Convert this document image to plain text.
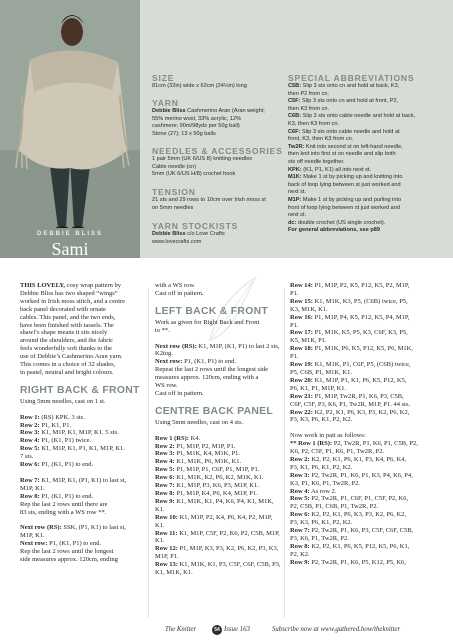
DEBBIE BLISS
Sami
SIZE
81cm (32in) wide x 62cm (24½in) long
YARN
Debbie Bliss Cashmerino Aran (Aran weight;
55% merino wool, 33% acrylic, 12%
cashmere; 90m/98yds per 50g ball)
Stone (27); 13 x 50g balls
NEEDLES & ACCESSORIES
1 pair 5mm (UK 6/US 8) knitting needles
Cable needle (cn)
5mm (UK 6/US H/8) crochet hook
TENSION
21 sts and 29 rows to 10cm over Irish moss st
on 5mm needles
YARN STOCKISTS
Debbie Bliss c/o Love Crafts
www.lovecrafts.com
SPECIAL ABBREVIATIONS
C5B: Slip 3 sts onto cn and hold at back, K3,
then P2 from cn.
C5F: Slip 3 sts onto cn and hold at front, P2,
then K3 from cn.
C6B: Slip 3 sts onto cable needle and hold at back,
K3, then K3 from cn.
C6F: Slip 3 sts onto cable needle and hold at
front, K3, then K3 from cn.
Tw2R: Knit into second st on left-hand needle,
then knit into first st on needle and slip both
sts off needle together.
KPK: (K1, P1, K1) all into next st.
M1K: Make 1 st by picking up and knitting into
back of loop lying between st just worked and
next st.
M1P: Make 1 st by picking up and purling into
front of loop lying between st just worked and
next st.
dc: double crochet (US single crochet).
For general abbreviations, see p89

THIS LOVELY, cosy wrap pattern by

Debbie Bliss has two shaped “wings”

worked in Irish moss stitch, and a centre

back panel decorated with ornate

cables. This panel, and the two ends,

have been finished with tassels. The

shawl’s shape means it sits nicely

around the shoulders, and the fabric

feels wonderfully soft thanks to the

use of Debbie’s Cashmerino Aran yarn.

This comes in a choice of 32 shades,

in pastel, neutral and bright colours.

RIGHT BACK & FRONT

Using 5mm needles, cast on 1 st.

Row 1: (RS) KPK. 3 sts.

Row 2: P1, K1, P1.

Row 3: K1, M1P, K1, M1P, K1. 5 sts.

Row 4: P1, (K1, P1) twice.

Row 5: K1, M1P, K1, P1, K1, M1P, K1.

7 sts.

Row 6: P1, (K1, P1) to end.

Row 7: K1, M1P, K1, (P1, K1) to last st,

M1P, K1.

Row 8: P1, (K1, P1) to end.

Rep the last 2 rows until there are

83 sts, ending with a WS row **.

Next row (RS): SSK, (P1, K1) to last st,

M1P, K1.

Next row: P1, (K1, P1) to end.

Rep the last 2 rows until the longest

side measures approx. 120cm, ending

with a WS row.

Cast off in pattern.

LEFT BACK & FRONT

Work as given for Right Back and Front

to **.

Next row (RS): K1, M1P, (K1, P1) to last 2 sts,

K2tog.

Next row: P1, (K1, P1) to end.

Repeat the last 2 rows until the longest side

measures approx. 120cm, ending with a

WS row.

Cast off in pattern.

CENTRE BACK PANEL

Using 5mm needles, cast on 4 sts.

Row 1 (RS): K4.

Row 2: P1, M1P, P2, M1P, P1.

Row 3: P1, M1K, K4, M1K, P1.

Row 4: K1, M1K, P6, M1K, K1.

Row 5: P1, M1P, P1, C6F, P1, M1P, P1.

Row 6: K1, M1K, K2, P6, K2, M1K, K1.

Row 7: K1, M1P, P3, K6, P3, M1P, K1.

Row 8: P1, M1P, K4, P6, K4, M1P, P1.

Row 9: K1, M1K, K1, P4, K6, P4, K1, M1K,

K1.

Row 10: K1, M1P, P2, K4, P6, K4, P2, M1P,

K1.

Row 11: K1, M1P, C5F, P2, K6, P2, C5B, M1P,

K1.

Row 12: P1, M1P, K3, P3, K2, P6, K2, P3, K3,

M1P, P1.

Row 13: K1, M1K, K1, P3, C5F, C6F, C5B, P3,

K1, M1K, K1.

Row 14: P1, M1P, P2, K5, P12, K5, P2, M1P,

P1.

Row 15: K1, M1K, K3, P5, (C6B) twice, P5,

K3, M1K, K1.

Row 16: P1, M1P, P4, K5, P12, K5, P4, M1P,

P1.

Row 17: P1, M1K, K5, P5, K3, C6F, K3, P5,

K5, M1K, P1.

Row 18: P1, M1K, P6, K5, P12, K5, P6, M1K,

P1.

Row 19: K1, M1K, P1, C6F, P5, (C6B) twice,

P5, C6B, P1, M1K, K1.

Row 20: K1, M1P, P1, K1, P6, K5, P12, K5,

P6, K1, P1, M1P, K1.

Row 21: P1, M1P, Tw2R, P1, K6, P3, C5B,

C6F, C5F, P3, K6, P1, Tw2R, M1P, P1. 44 sts.

Row 22: K2, P2, K1, P6, K3, P3, K2, P6, K2,

P3, K3, P6, K1, P2, K2.

Now work in patt as follows:

** Row 1 (RS): P2, Tw2R, P1, K6, P1, C5B, P2,

K6, P2, C5F, P1, K6, P1, Tw2R, P2.

Row 2: K2, P2, K1, P6, K1, P3, K4, P6, K4,

P3, K1, P6, K1, P2, K2.

Row 3: P2, Tw2R, P1, K6, P1, K3, P4, K6, P4,

K3, P1, K6, P1, Tw2R, P2.

Row 4: As row 2.

Row 5: P2, Tw2R, P1, C6F, P1, C5F, P2, K6,

P2, C5B, P1, C6B, P1, Tw2R, P2.

Row 6: K2, P2, K1, P6, K3, P3, K2, P6, K2,

P3, K3, P6, K1, P2, K2.

Row 7: P2, Tw2R, P1, K6, P3, C5F, C6F, C5B,

P3, K6, P1, Tw2R, P2.

Row 8: K2, P2, K1, P6, K5, P12, K5, P6, K1,

P2, K2.

Row 9: P2, Tw2R, P1, K6, P5, K12, P5, K6,

The Knitter	54 Issue 163	Subscribe now at www.gathered.how/theknitter
